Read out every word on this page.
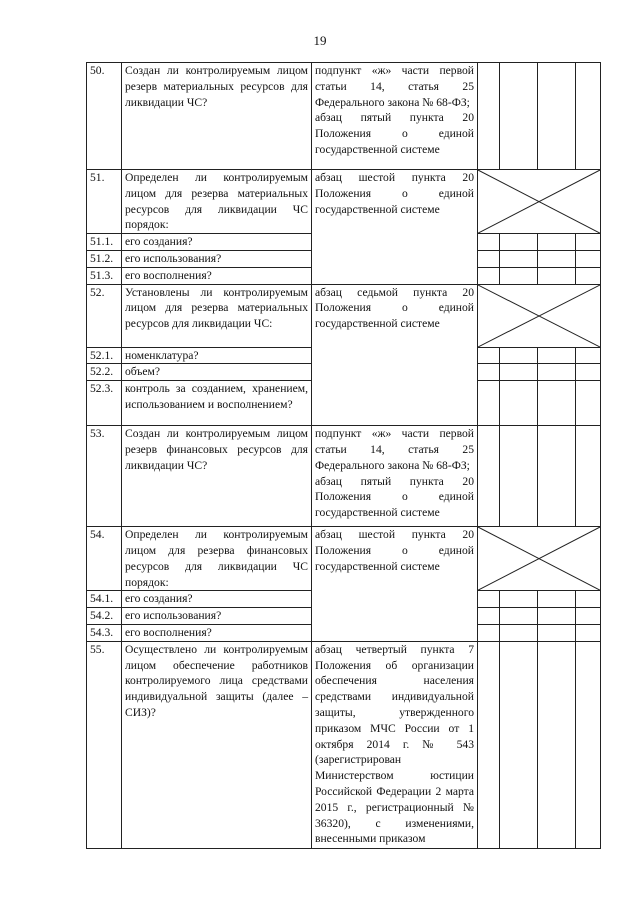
19
50.	Создан ли контролируемым лицом резерв материальных ресурсов для ликвидации ЧС?	подпункт «ж» части первой статьи 14, статья 25 Федерального закона № 68-ФЗ;
абзац пятый пункта 20 Положения о единой государственной системе				

51.	Определен ли контролируемым лицом для резерва материальных ресурсов для ликвидации ЧС порядок:	абзац шестой пункта 20 Положения о единой государственной системе

51.1.	его создания?					
51.2.	его использования?					
51.3.	его восполнения?					
52.	Установлены ли контролируемым лицом для резерва материальных ресурсов для ликвидации ЧС:	абзац седьмой пункта 20 Положения о единой государственной системе

52.1.	номенклатура?					
52.2.	объем?					
52.3.	контроль за созданием, хранением, использованием и восполнением?					
53.	Создан ли контролируемым лицом резерв финансовых ресурсов для ликвидации ЧС?	подпункт «ж» части первой статьи 14, статья 25 Федерального закона № 68-ФЗ;
абзац пятый пункта 20 Положения о единой государственной системе				

54.	Определен ли контролируемым лицом для резерва финансовых ресурсов для ликвидации ЧС порядок:	абзац шестой пункта 20 Положения о единой государственной системе

54.1.	его создания?					
54.2.	его использования?					
54.3.	его восполнения?					
55.	Осуществлено ли контролируемым лицом обеспечение работников контролируемого лица средствами индивидуальной защиты (далее – СИЗ)?	абзац четвертый пункта 7 Положения об организации обеспечения населения средствами индивидуальной защиты, утвержденного приказом МЧС России от 1 октября 2014 г. № 543 (зарегистрирован Министерством юстиции Российской Федерации 2 марта 2015 г., регистрационный № 36320), с изменениями, внесенными приказом				
